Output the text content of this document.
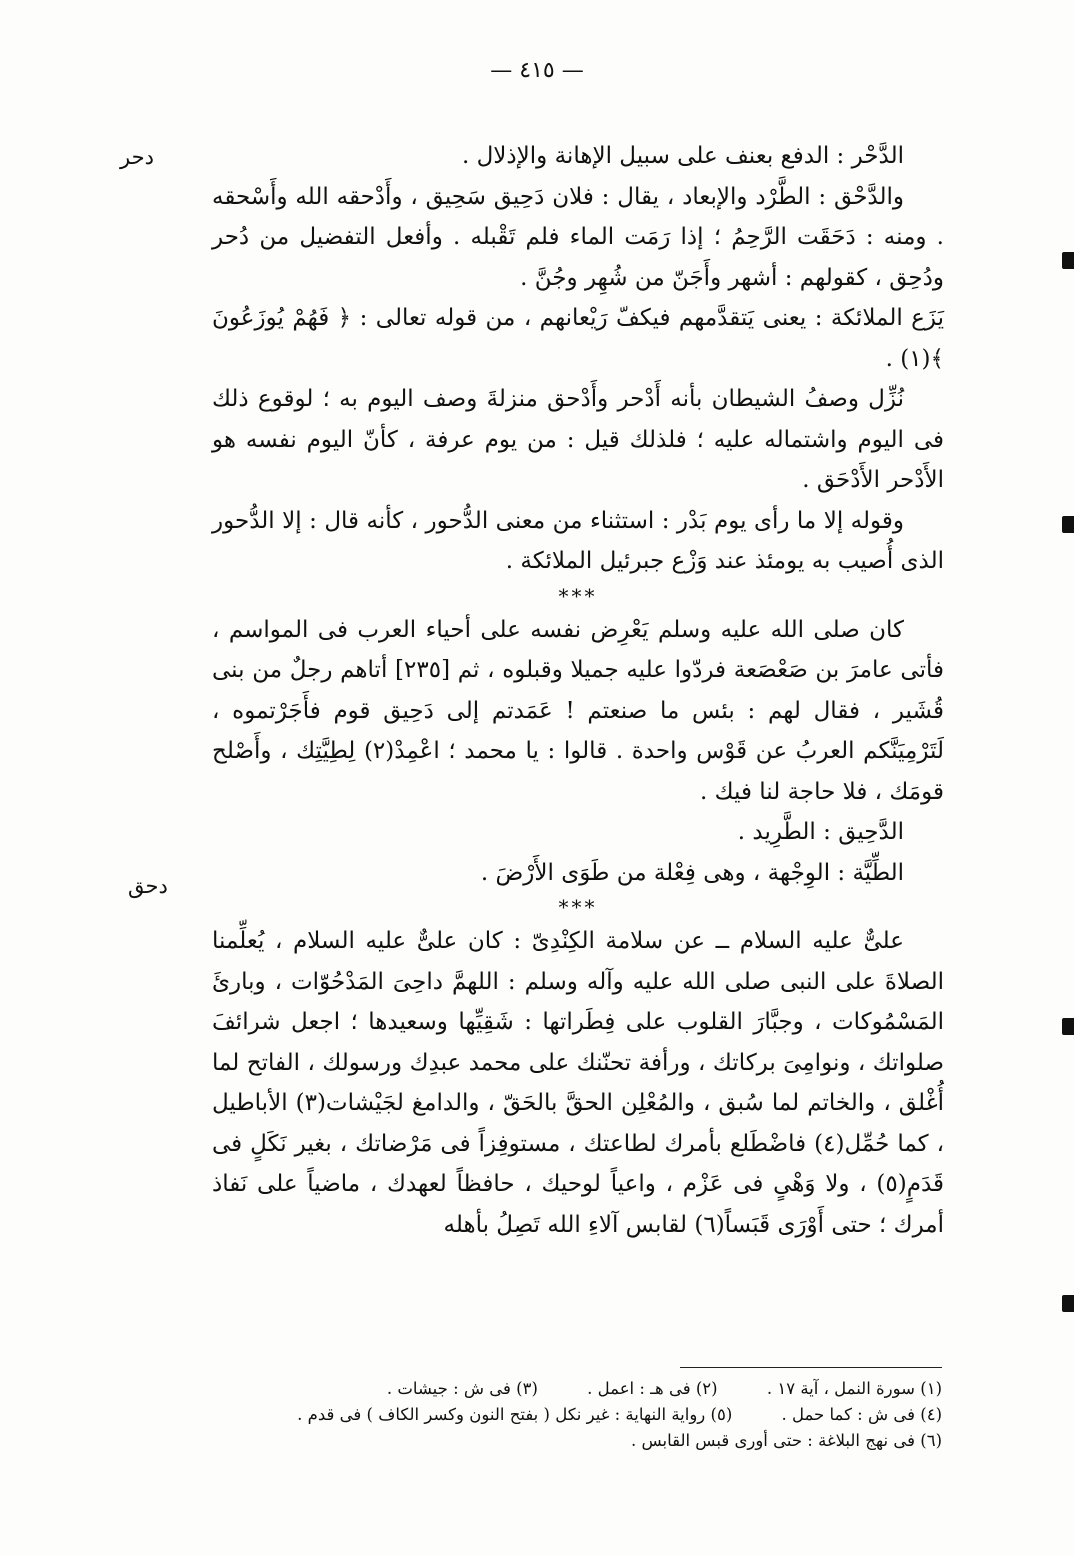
— ٤١٥ —
دحر
دحق

الدَّحْر : الدفع بعنف على سبيل الإهانة والإذلال .

والدَّحْق : الطَّرْد والإبعاد ، يقال : فلان دَحِيق سَحِيق ، وأَدْحقه الله وأَسْحقه . ومنه : دَحَقَت الرَّحِمُ ؛ إذا رَمَت الماء فلم تَقْبله . وأفعل التفضيل من دُحر ودُحِق ، كقولهم : أشهر وأَجَنّ من شُهِر وجُنَّ .

يَزَع الملائكة : يعنى يَتقدَّمهم فيكفّ رَيْعانهم ، من قوله تعالى : ﴿ فَهُمْ يُوزَعُونَ ﴾(١) .

نُزِّل وصفُ الشيطان بأنه أَدْحر وأَدْحق منزلةَ وصف اليوم به ؛ لوقوع ذلك فى اليوم واشتماله عليه ؛ فلذلك قيل : من يوم عرفة ، كأنّ اليوم نفسه هو الأَدْحر الأَدْحَق .

وقوله إلا ما رأى يوم بَدْر : استثناء من معنى الدُّحور ، كأنه قال : إلا الدُّحور الذى أُصيب به يومئذ عند وَزْع جبرئيل الملائكة .

***

كان صلى الله عليه وسلم يَعْرِض نفسه على أحياء العرب فى المواسم ، فأتى عامرَ بن صَعْصَعة فردّوا عليه جميلا وقبلوه ، ثم [٢٣٥] أتاهم رجلٌ من بنى قُشَير ، فقال لهم : بئس ما صنعتم ! عَمَدتم إلى دَحِيق قوم فأَجَرْتموه ، لَتَرْمِيَنَّكم العربُ عن قَوْس واحدة . قالوا : يا محمد ؛ اعْمِدْ(٢) لِطِيَّتِك ، وأَصْلح قومَك ، فلا حاجة لنا فيك .

الدَّحِيق : الطَّرِيد .

الطِّيَّة : الوِجْهة ، وهى فِعْلة من طَوَى الأَرْضَ .

***

علىٌّ عليه السلام ــ عن سلامة الكِنْدِىّ : كان علىٌّ عليه السلام ، يُعلِّمنا الصلاةَ على النبى صلى الله عليه وآله وسلم : اللهمَّ داحِىَ المَدْحُوّات ، وبارئَ المَسْمُوكات ، وجبَّارَ القلوب على فِطَراتها : شَقِيِّها وسعيدها ؛ اجعل شرائفَ صلواتك ، ونوامِىَ بركاتك ، ورأفة تحنّنك على محمد عبدِك ورسولك ، الفاتح لما أُغْلق ، والخاتم لما سُبق ، والمُعْلِن الحقَّ بالحَقّ ، والدامغ لجَيْشات(٣) الأباطيل ، كما حُمِّل(٤) فاضْطَلع بأمرك لطاعتك ، مستوفِزاً فى مَرْضاتك ، بغير نَكَلٍ فى قَدَمٍ(٥) ، ولا وَهْىٍ فى عَزْم ، واعياً لوحيك ، حافظاً لعهدك ، ماضياً على نَفاذ أمرك ؛ حتى أَوْرَى قَبَساً(٦) لقابس آلاءِ الله تَصِلُ بأهله

(١) سورة النمل ، آية ١٧ . (٢) فى هـ : اعمل . (٣) فى ش : جيشات .

(٤) فى ش : كما حمل . (٥) رواية النهاية : غير نكل ( بفتح النون وكسر الكاف ) فى قدم .

(٦) فى نهج البلاغة : حتى أورى قبس القابس .
